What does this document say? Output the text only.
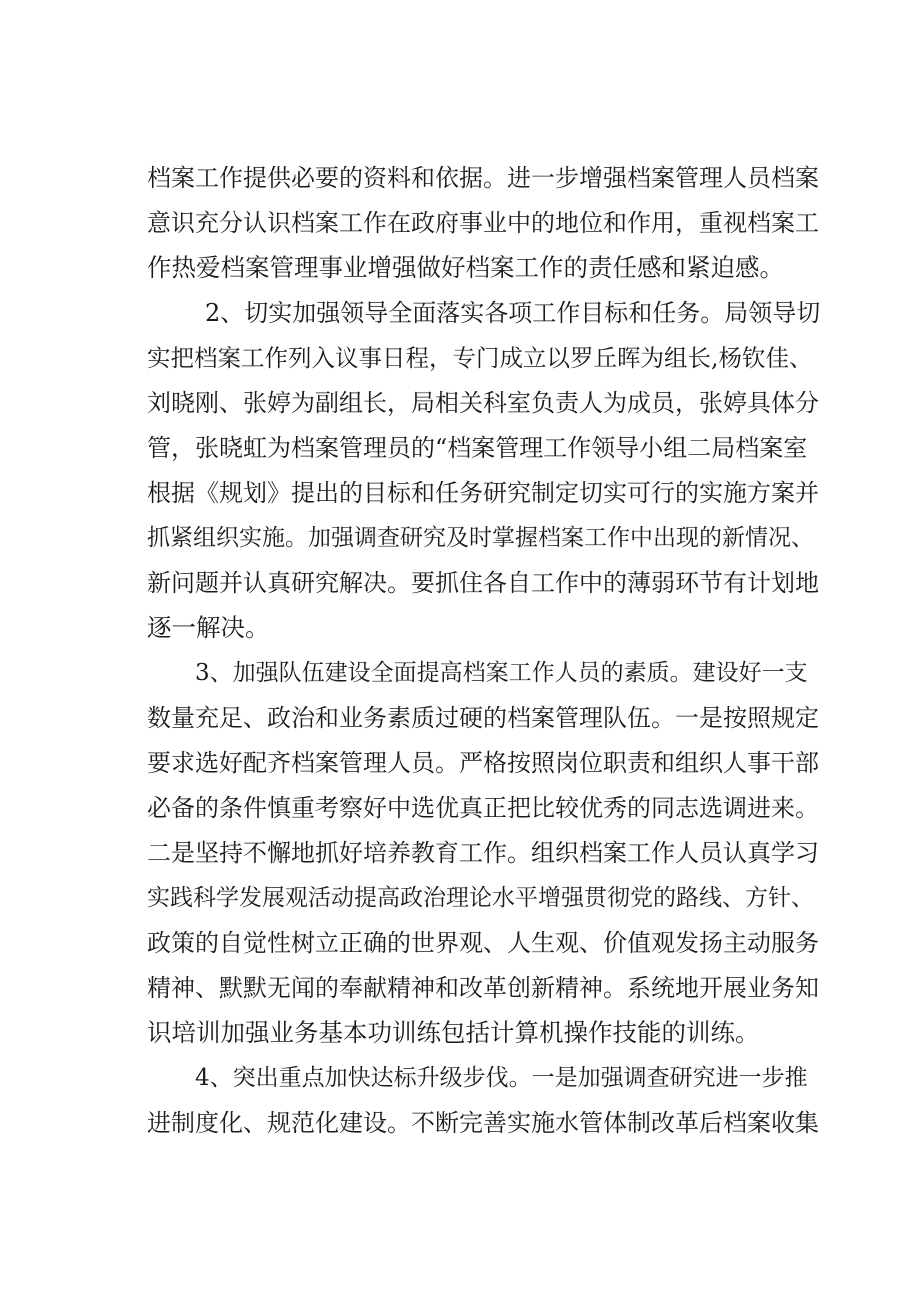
档案工作提供必要的资料和依据。进一步增强档案管理人员档案
意识充分认识档案工作在政府事业中的地位和作用，重视档案工
作热爱档案管理事业增强做好档案工作的责任感和紧迫感。
2、切实加强领导全面落实各项工作目标和任务。局领导切
实把档案工作列入议事日程，专门成立以罗丘晖为组长,杨钦佳、
刘晓刚、张婷为副组长，局相关科室负责人为成员，张婷具体分
管，张晓虹为档案管理员的“档案管理工作领导小组二局档案室
根据《规划》提出的目标和任务研究制定切实可行的实施方案并
抓紧组织实施。加强调查研究及时掌握档案工作中出现的新情况、
新问题并认真研究解决。要抓住各自工作中的薄弱环节有计划地
逐一解决。
3、加强队伍建设全面提高档案工作人员的素质。建设好一支
数量充足、政治和业务素质过硬的档案管理队伍。一是按照规定
要求选好配齐档案管理人员。严格按照岗位职责和组织人事干部
必备的条件慎重考察好中选优真正把比较优秀的同志选调进来。
二是坚持不懈地抓好培养教育工作。组织档案工作人员认真学习
实践科学发展观活动提高政治理论水平增强贯彻党的路线、方针、
政策的自觉性树立正确的世界观、人生观、价值观发扬主动服务
精神、默默无闻的奉献精神和改革创新精神。系统地开展业务知
识培训加强业务基本功训练包括计算机操作技能的训练。
4、突出重点加快达标升级步伐。一是加强调查研究进一步推
进制度化、规范化建设。不断完善实施水管体制改革后档案收集
